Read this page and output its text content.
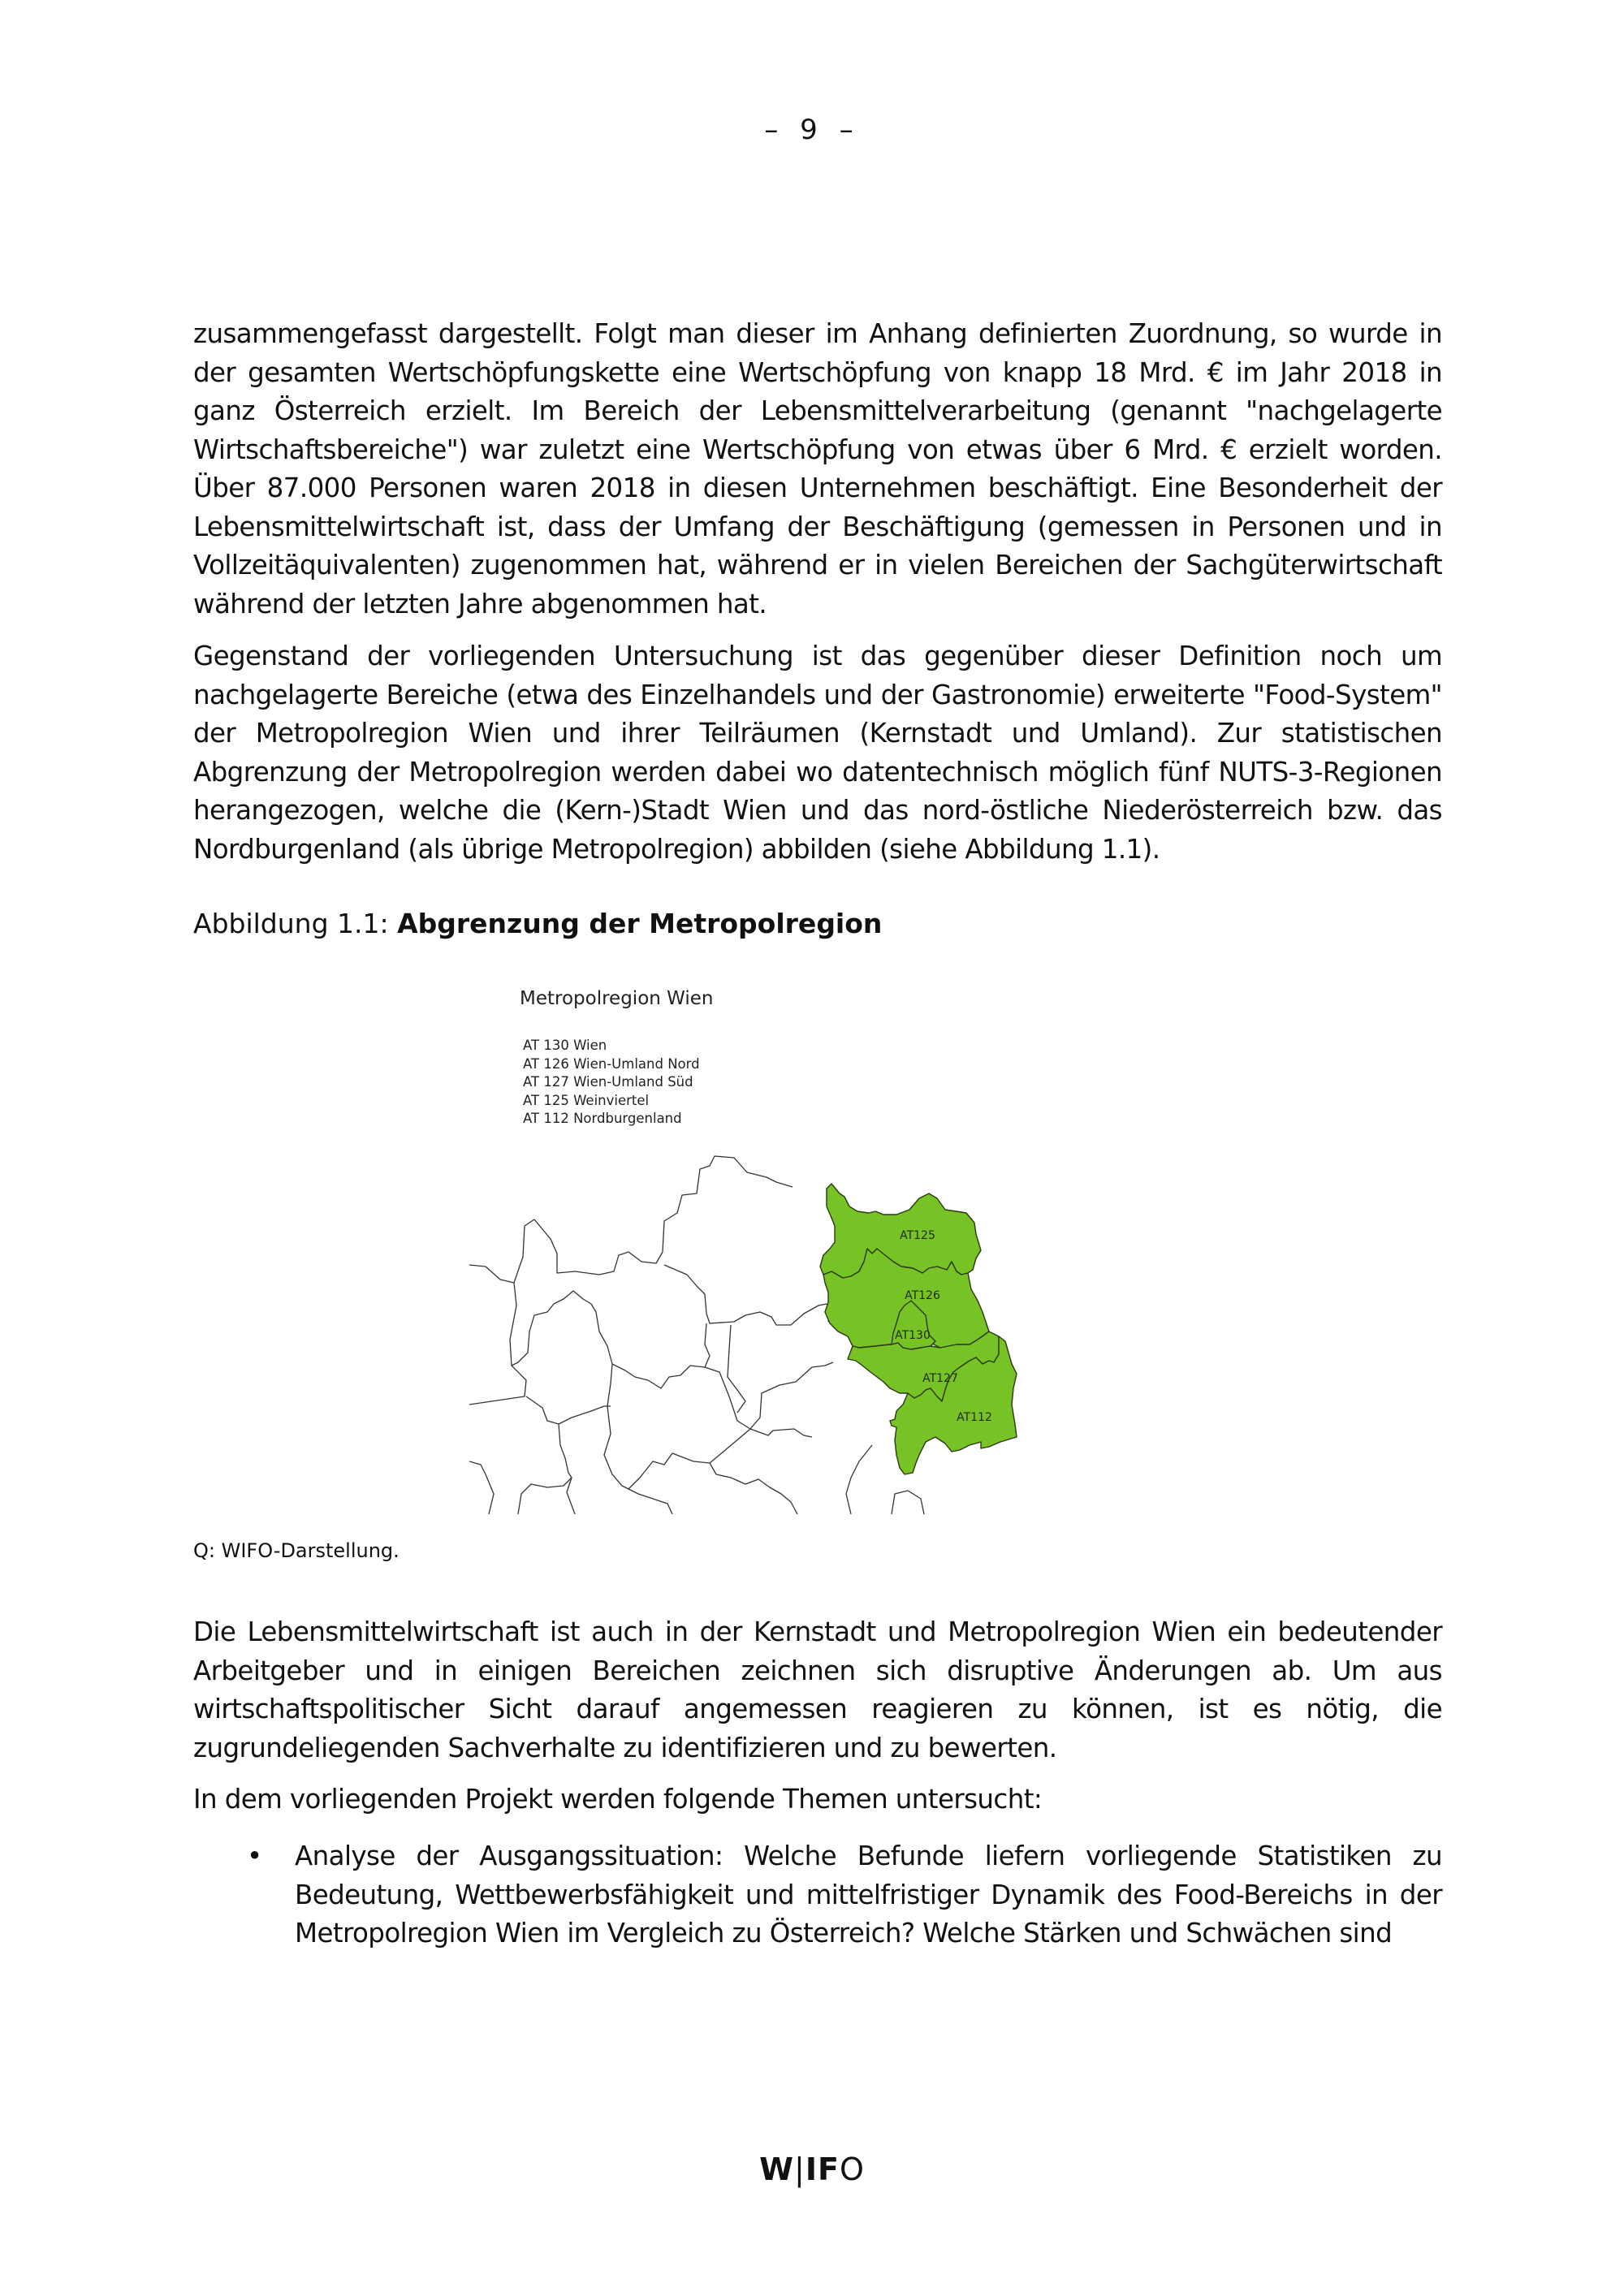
– 9 –

zusammengefasst dargestellt. Folgt man dieser im Anhang definierten Zuordnung, so wurde in der gesamten Wertschöpfungskette eine Wertschöpfung von knapp 18 Mrd. € im Jahr 2018 in ganz Österreich erzielt. Im Bereich der Lebensmittelverarbeitung (genannt "nachgelagerte Wirtschaftsbereiche") war zuletzt eine Wertschöpfung von etwas über 6 Mrd. € erzielt worden. Über 87.000 Personen waren 2018 in diesen Unternehmen beschäftigt. Eine Besonderheit der Lebensmittelwirtschaft ist, dass der Umfang der Beschäftigung (gemessen in Personen und in Vollzeitäquivalenten) zugenommen hat, während er in vielen Bereichen der Sachgüterwirtschaft während der letzten Jahre abgenommen hat.

Gegenstand der vorliegenden Untersuchung ist das gegenüber dieser Definition noch um nachgelagerte Bereiche (etwa des Einzelhandels und der Gastronomie) erweiterte "Food-System" der Metropolregion Wien und ihrer Teilräumen (Kernstadt und Umland). Zur statistischen Abgrenzung der Metropolregion werden dabei wo datentechnisch möglich fünf NUTS-3-Regionen herangezogen, welche die (Kern-)Stadt Wien und das nord-östliche Niederösterreich bzw. das Nordburgenland (als übrige Metropolregion) abbilden (siehe Abbildung 1.1).

Abbildung 1.1: Abgrenzung der Metropolregion
Metropolregion Wien
AT 130 Wien
AT 126 Wien-Umland Nord
AT 127 Wien-Umland Süd
AT 125 Weinviertel
AT 112 Nordburgenland
AT125
AT126
AT130
AT127
AT112
Q: WIFO-Darstellung.

Die Lebensmittelwirtschaft ist auch in der Kernstadt und Metropolregion Wien ein bedeutender Arbeitgeber und in einigen Bereichen zeichnen sich disruptive Änderungen ab. Um aus wirtschaftspolitischer Sicht darauf angemessen reagieren zu können, ist es nötig, die zugrundeliegenden Sachverhalte zu identifizieren und zu bewerten.

In dem vorliegenden Projekt werden folgende Themen untersucht:

• Analyse der Ausgangssituation: Welche Befunde liefern vorliegende Statistiken zu Bedeutung, Wettbewerbsfähigkeit und mittelfristiger Dynamik des Food-Bereichs in der Metropolregion Wien im Vergleich zu Österreich? Welche Stärken und Schwächen sind
W|IFO
